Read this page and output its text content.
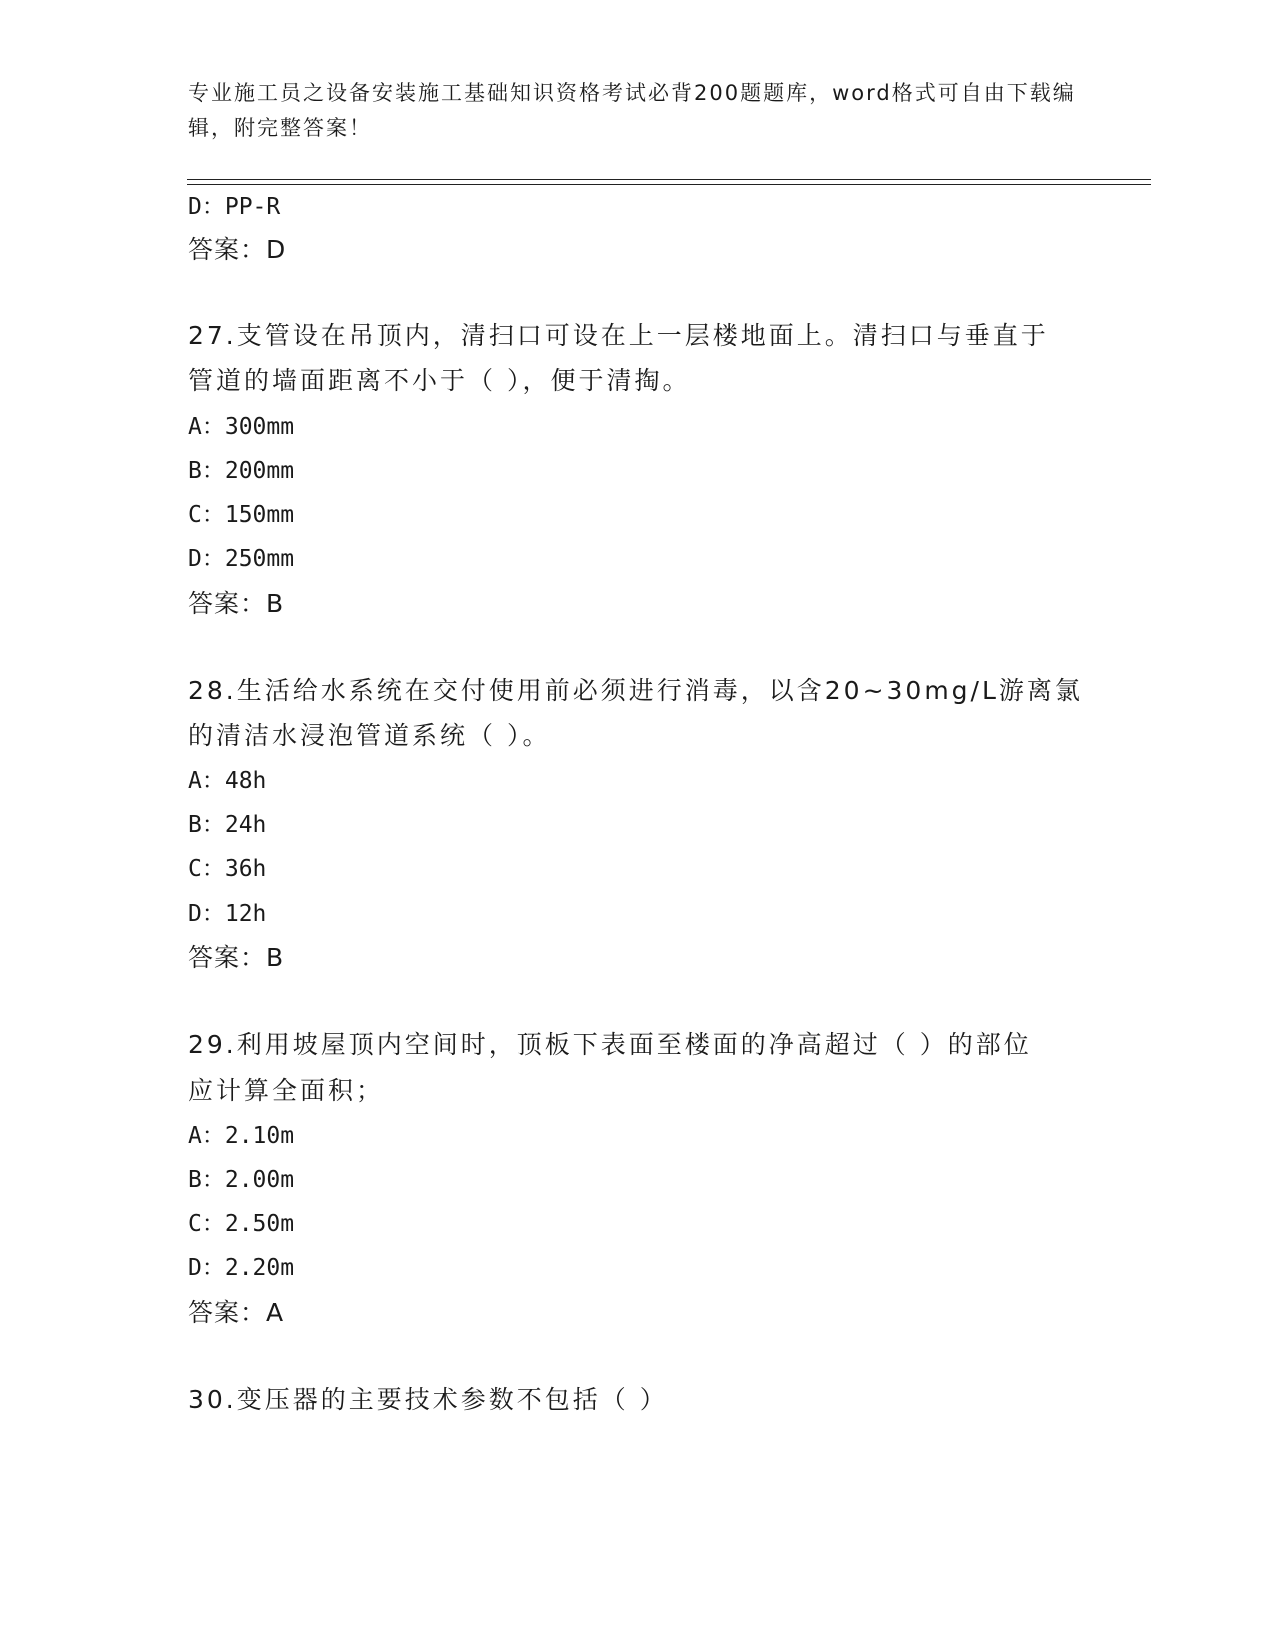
专业施工员之设备安装施工基础知识资格考试必背200题题库，word格式可自由下载编辑，附完整答案！

D：PP-R
答案：D
27.支管设在吊顶内，清扫口可设在上一层楼地面上。清扫口与垂直于
管道的墙面距离不小于（ ），便于清掏。
A：300mm
B：200mm
C：150mm
D：250mm
答案：B
28.生活给水系统在交付使用前必须进行消毒，以含20~30mg/L游离氯
的清洁水浸泡管道系统（ ）。
A：48h
B：24h
C：36h
D：12h
答案：B
29.利用坡屋顶内空间时，顶板下表面至楼面的净高超过（ ）的部位
应计算全面积；
A：2.10m
B：2.00m
C：2.50m
D：2.20m
答案：A
30.变压器的主要技术参数不包括（ ）
